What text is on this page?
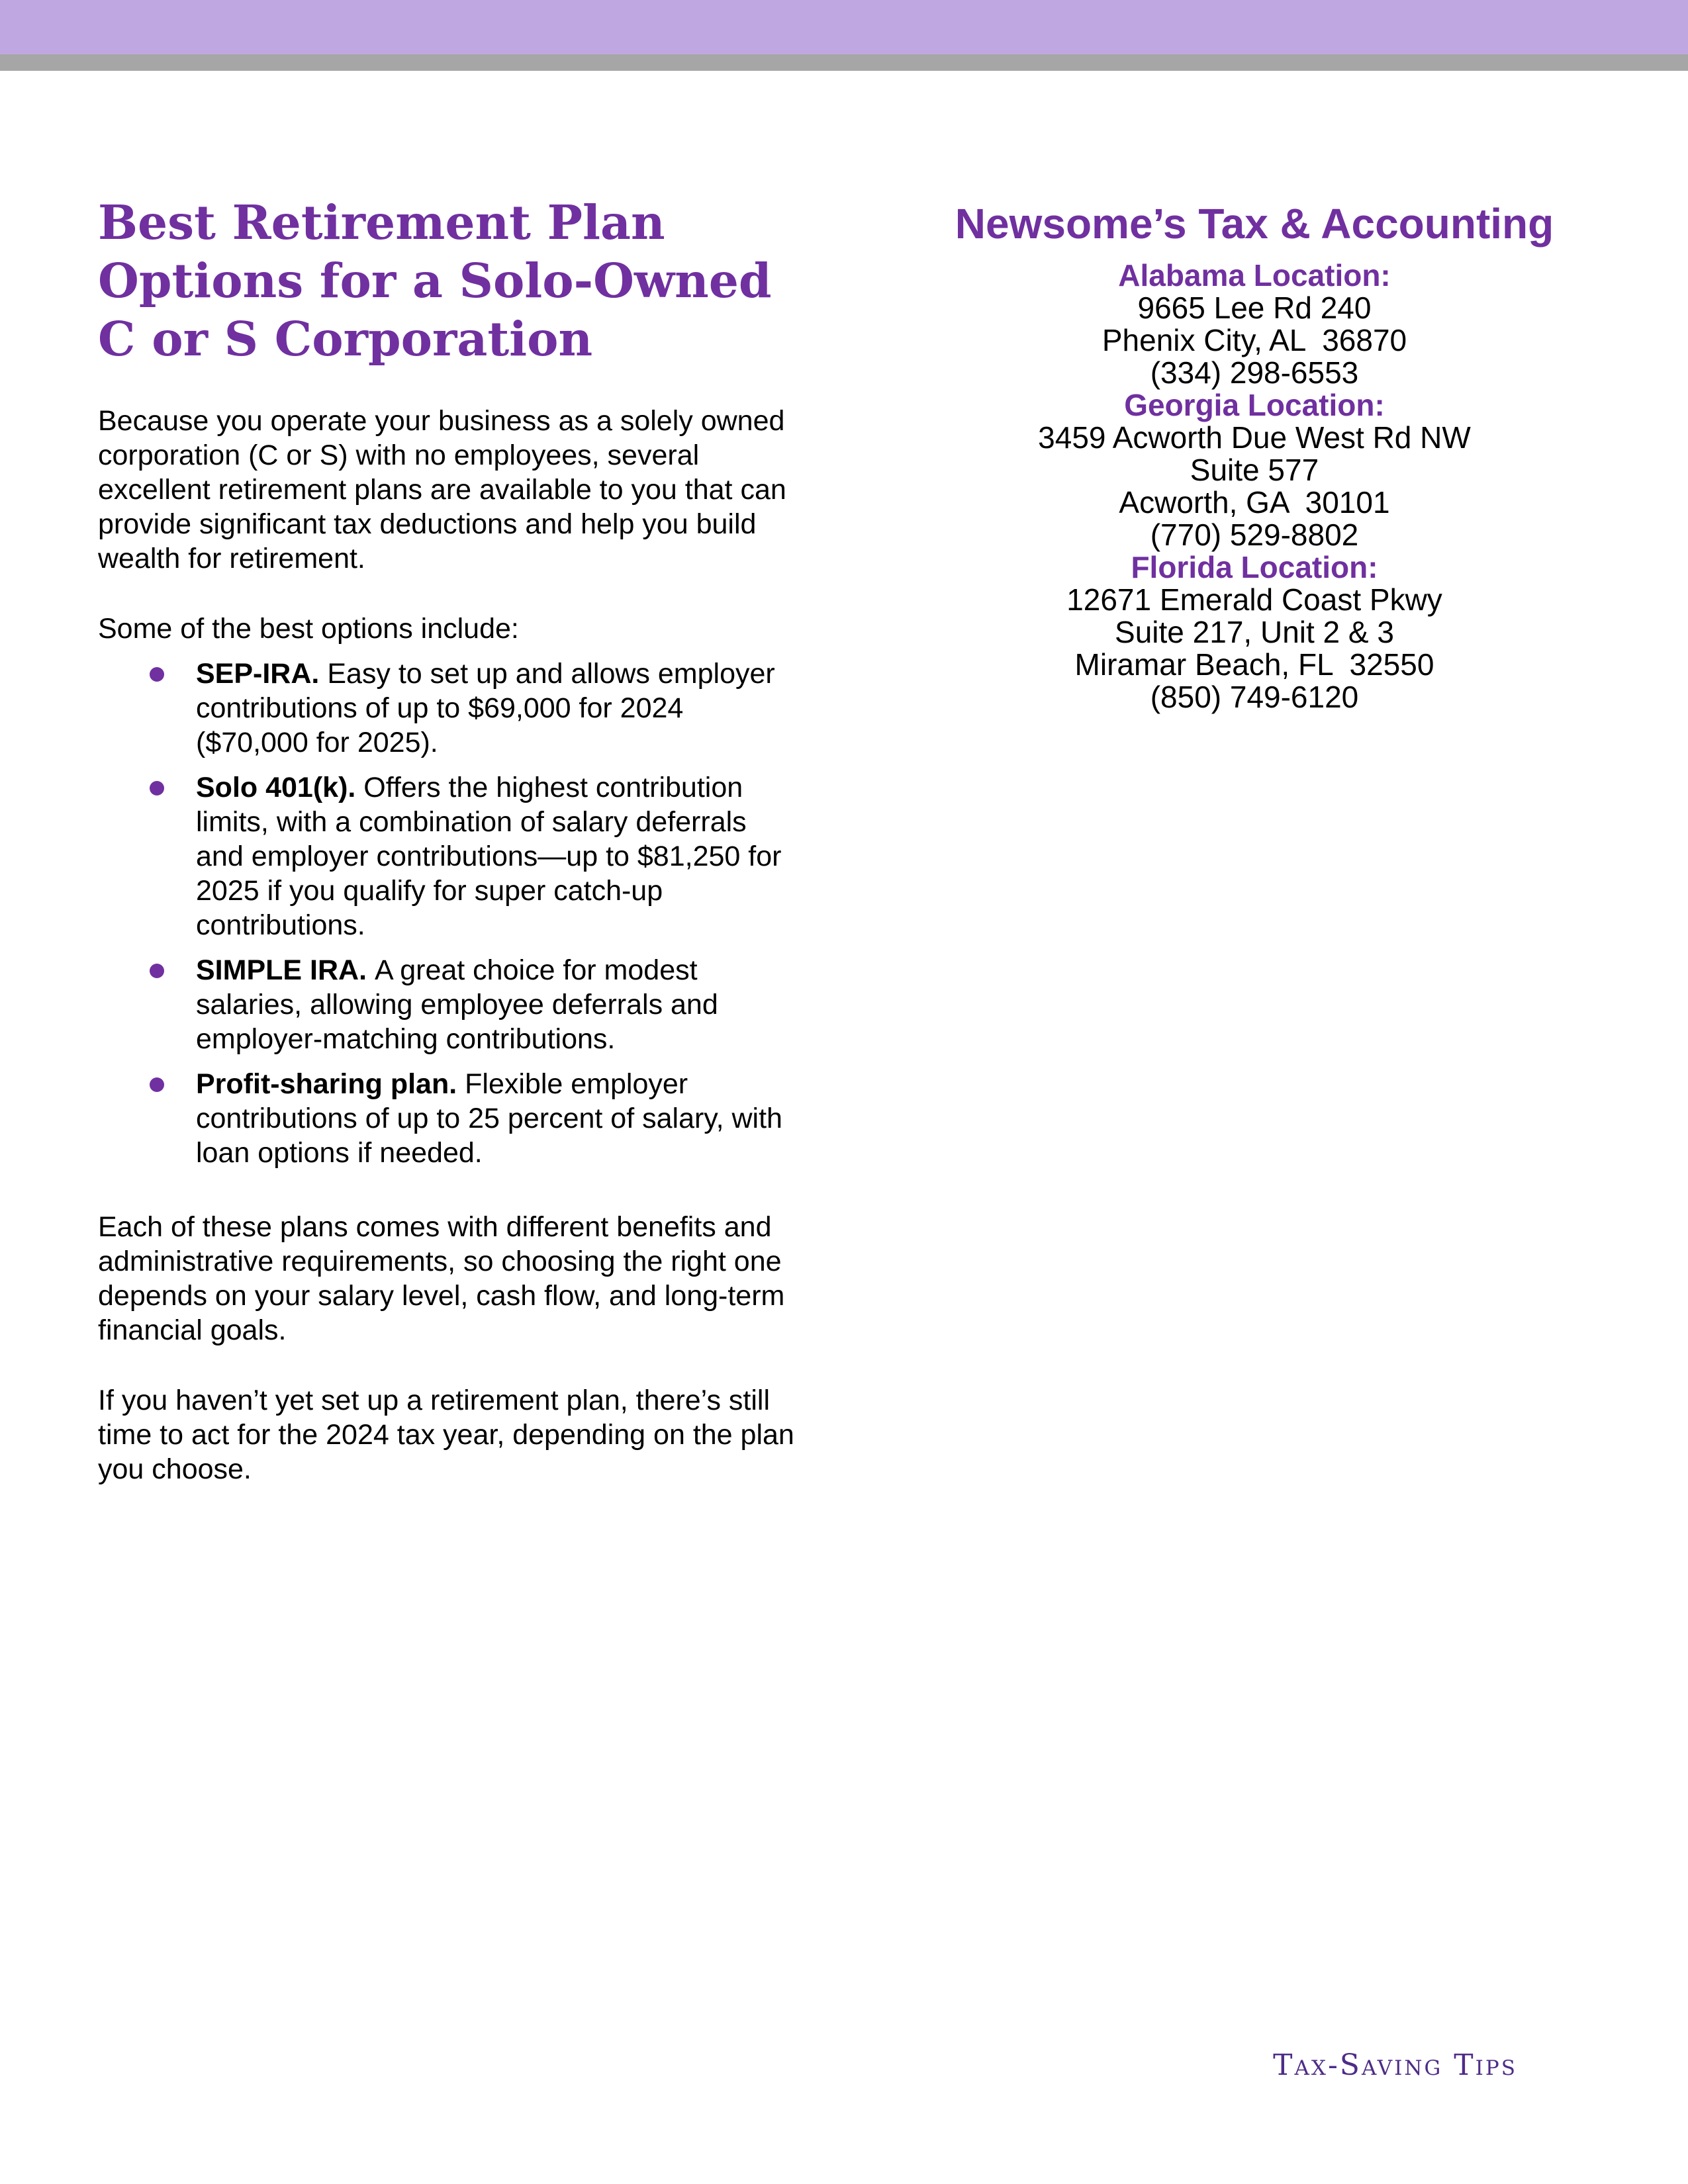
Best Retirement Plan
Options for a Solo-Owned
C or S Corporation

Because you operate your business as a solely owned corporation (C or S) with no employees, several excellent retirement plans are available to you that can provide significant tax deductions and help you build wealth for retirement.

Some of the best options include:

SEP-IRA. Easy to set up and allows employer contributions of up to $69,000 for 2024 ($70,000 for 2025).
Solo 401(k). Offers the highest contribution limits, with a combination of salary deferrals and employer contributions—up to $81,250 for 2025 if you qualify for super catch-up contributions.
SIMPLE IRA. A great choice for modest salaries, allowing employee deferrals and employer-matching contributions.
Profit-sharing plan. Flexible employer contributions of up to 25 percent of salary, with loan options if needed.

Each of these plans comes with different benefits and administrative requirements, so choosing the right one depends on your salary level, cash flow, and long-term financial goals.

If you haven’t yet set up a retirement plan, there’s still time to act for the 2024 tax year, depending on the plan you choose.

Newsome’s Tax & Accounting
Alabama Location:
9665 Lee Rd 240
Phenix City, AL  36870
(334) 298-6553
Georgia Location:
3459 Acworth Due West Rd NW
Suite 577
Acworth, GA  30101
(770) 529-8802
Florida Location:
12671 Emerald Coast Pkwy
Suite 217, Unit 2 & 3
Miramar Beach, FL  32550
(850) 749-6120
Tax-Saving Tips
